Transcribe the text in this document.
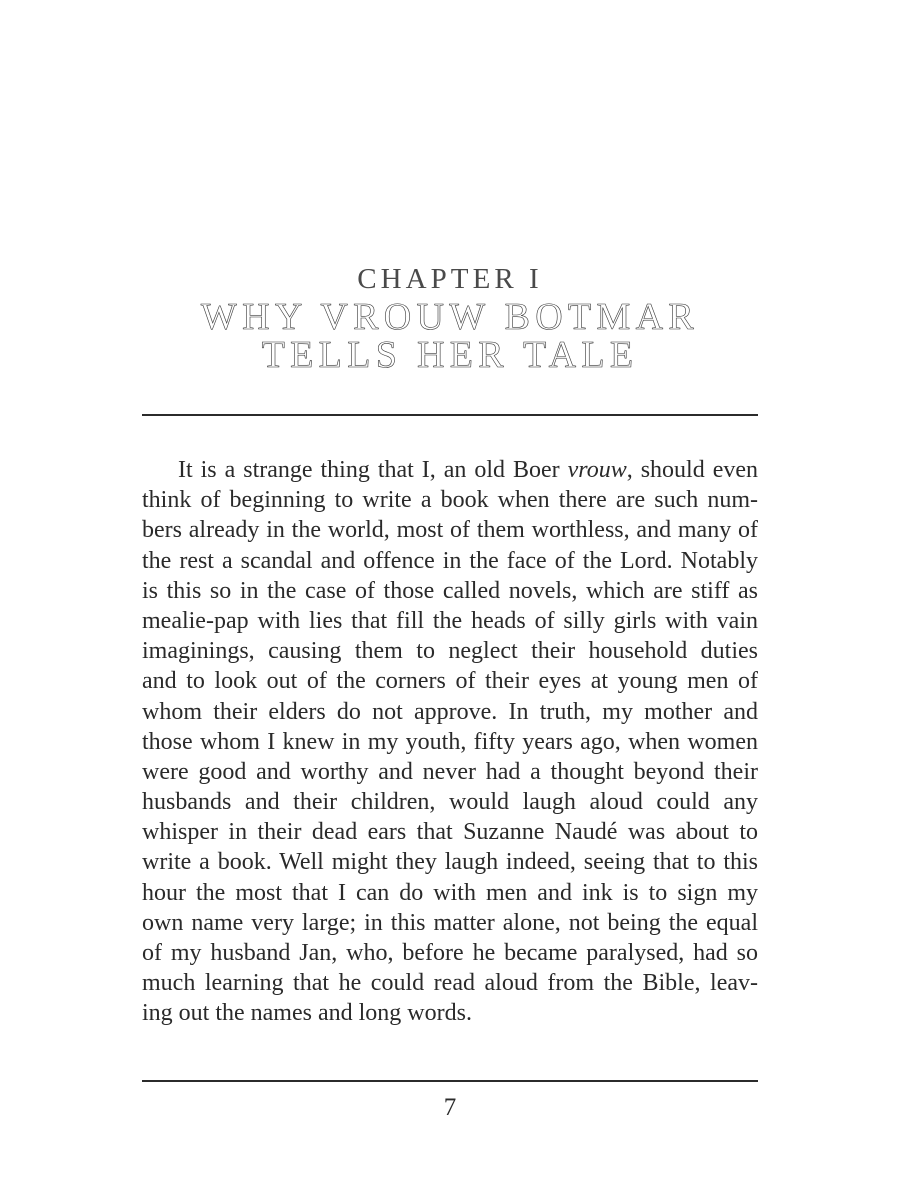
CHAPTER I
WHY VROUW BOTMAR
TELLS HER TALE
It is a strange thing that I, an old Boer vrouw, should even
think of beginning to write a book when there are such num-
bers already in the world, most of them worthless, and many of
the rest a scandal and offence in the face of the Lord. Notably
is this so in the case of those called novels, which are stiff as
mealie-pap with lies that fill the heads of silly girls with vain
imaginings, causing them to neglect their household duties
and to look out of the corners of their eyes at young men of
whom their elders do not approve. In truth, my mother and
those whom I knew in my youth, fifty years ago, when women
were good and worthy and never had a thought beyond their
husbands and their children, would laugh aloud could any
whisper in their dead ears that Suzanne Naudé was about to
write a book. Well might they laugh indeed, seeing that to this
hour the most that I can do with men and ink is to sign my
own name very large; in this matter alone, not being the equal
of my husband Jan, who, before he became paralysed, had so
much learning that he could read aloud from the Bible, leav-
ing out the names and long words.
7
